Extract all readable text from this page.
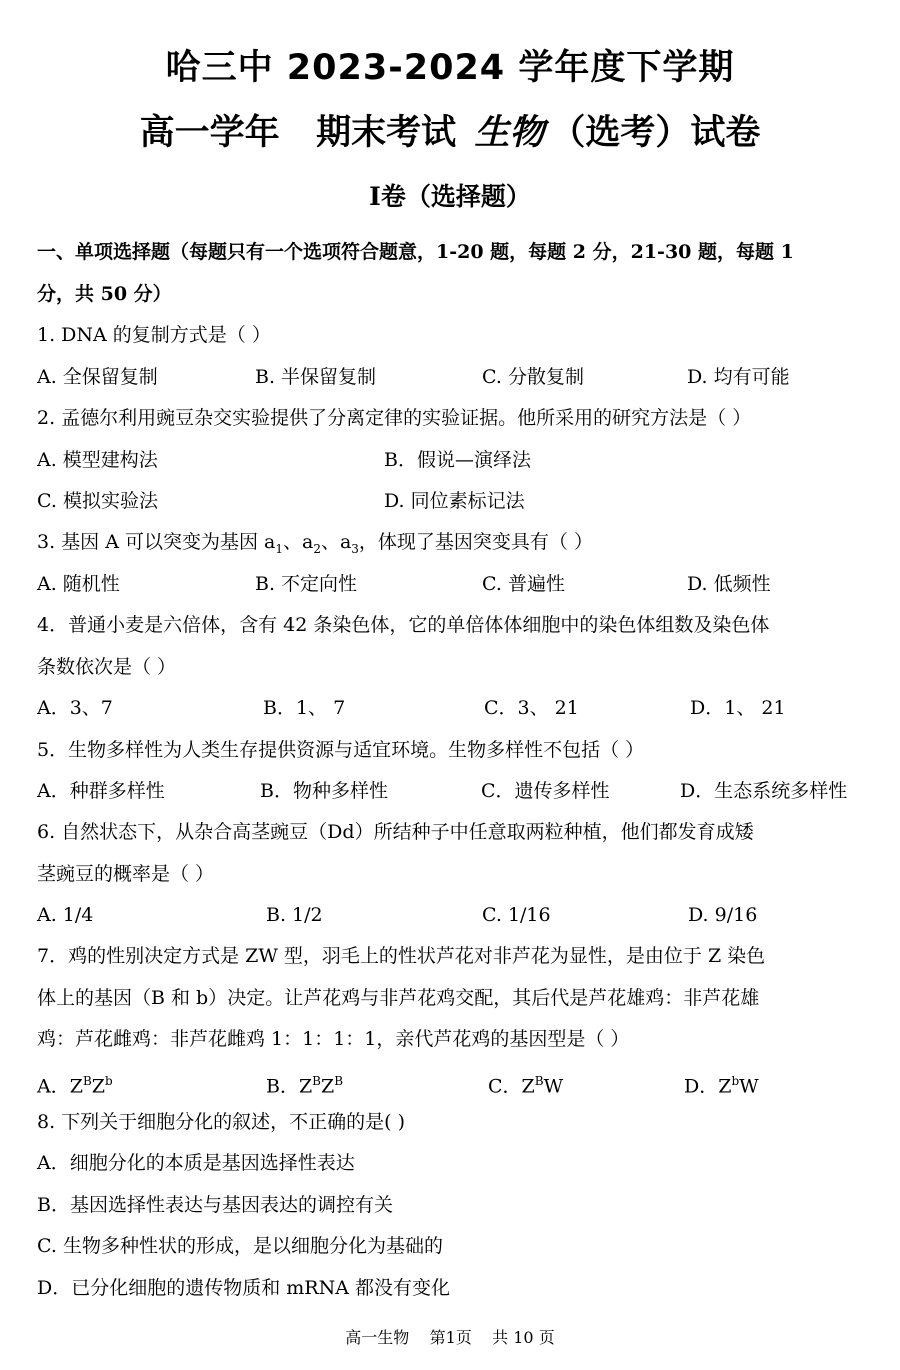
哈三中 2023-2024 学年度下学期
高一学年   期末考试 生物 （选考）试卷
Ⅰ卷（选择题）
一、单项选择题（每题只有一个选项符合题意，1-20 题，每题 2 分，21-30 题，每题 1
分，共 50 分）
1. DNA 的复制方式是（ ）
A. 全保留复制	B. 半保留复制	C. 分散复制	D. 均有可能
2. 孟德尔利用豌豆杂交实验提供了分离定律的实验证据。他所采用的研究方法是（ ）
A. 模型建构法	B．假说—演绎法
C. 模拟实验法	D. 同位素标记法
3. 基因 A 可以突变为基因 $a_1$、$a_2$、$a_3$，体现了基因突变具有（ ）
A. 随机性	B. 不定向性	C. 普遍性	D. 低频性
4．普通小麦是六倍体，含有 42 条染色体，它的单倍体体细胞中的染色体组数及染色体
条数依次是（ ）
A．3、7	B．1、 7	C．3、 21	D．1、 21
5．生物多样性为人类生存提供资源与适宜环境。生物多样性不包括（ ）
A．种群多样性	B．物种多样性	C．遗传多样性	D．生态系统多样性
6. 自然状态下，从杂合高茎豌豆（Dd）所结种子中任意取两粒种植，他们都发育成矮
茎豌豆的概率是（ ）
A. 1/4	B. 1/2	C. 1/16	D. 9/16
7．鸡的性别决定方式是 ZW 型，羽毛上的性状芦花对非芦花为显性，是由位于 Z 染色
体上的基因（B 和 b）决定。让芦花鸡与非芦花鸡交配，其后代是芦花雄鸡：非芦花雄
鸡：芦花雌鸡：非芦花雌鸡 1：1：1：1，亲代芦花鸡的基因型是（ ）
A．$Z^BZ^b$	B．$Z^BZ^B$	C．$Z^BW$	D．$Z^bW$
8. 下列关于细胞分化的叙述，不正确的是( )
A．细胞分化的本质是基因选择性表达
B．基因选择性表达与基因表达的调控有关
C. 生物多种性状的形成，是以细胞分化为基础的
D．已分化细胞的遗传物质和 mRNA 都没有变化
高一生物    第1页    共 10 页
